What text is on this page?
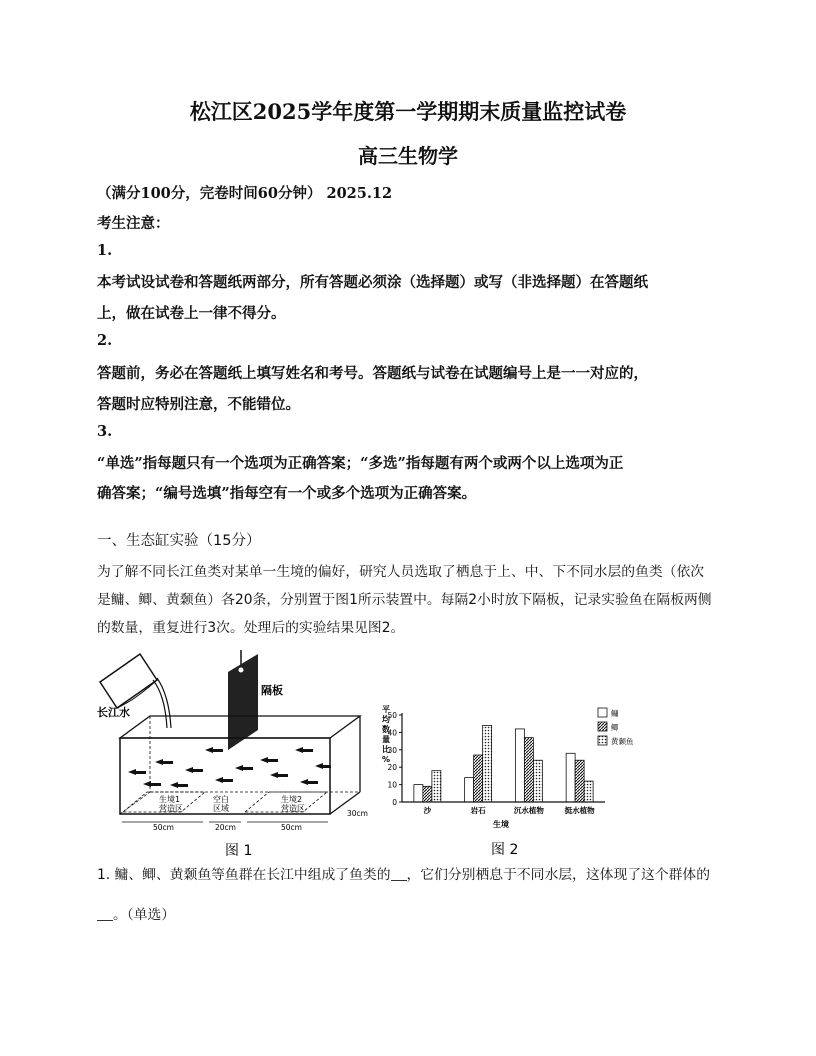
松江区2025学年度第一学期期末质量监控试卷
高三生物学
（满分100分，完卷时间60分钟） 2025.12
考生注意：
1.
本考试设试卷和答题纸两部分，所有答题必须涂（选择题）或写（非选择题）在答题纸
上，做在试卷上一律不得分。
2.
答题前，务必在答题纸上填写姓名和考号。答题纸与试卷在试题编号上是一一对应的，
答题时应特别注意，不能错位。
3.
“单选”指每题只有一个选项为正确答案；“多选”指每题有两个或两个以上选项为正
确答案；“编号选填”指每空有一个或多个选项为正确答案。
一、生态缸实验（15分）
为了解不同长江鱼类对某单一生境的偏好，研究人员选取了栖息于上、中、下不同水层的鱼类（依次
是鳙、鲫、黄颡鱼）各20条，分别置于图1所示装置中。每隔2小时放下隔板，记录实验鱼在隔板两侧
的数量，重复进行3次。处理后的实验结果见图2。
长江水
隔板
生境1
营造区
空白
区域
生境2
营造区
50cm	20cm	50cm
30cm
图 1
0
10
20
30
40
50
沙	岩石	沉水植物	挺水植物
鳙
鲫
黄颡鱼
平
均
数
量
比
%
生境
图 2
1. 鳙、鲫、黄颡鱼等鱼群在长江中组成了鱼类的 ，它们分别栖息于不同水层，这体现了这个群体的
。（单选）
